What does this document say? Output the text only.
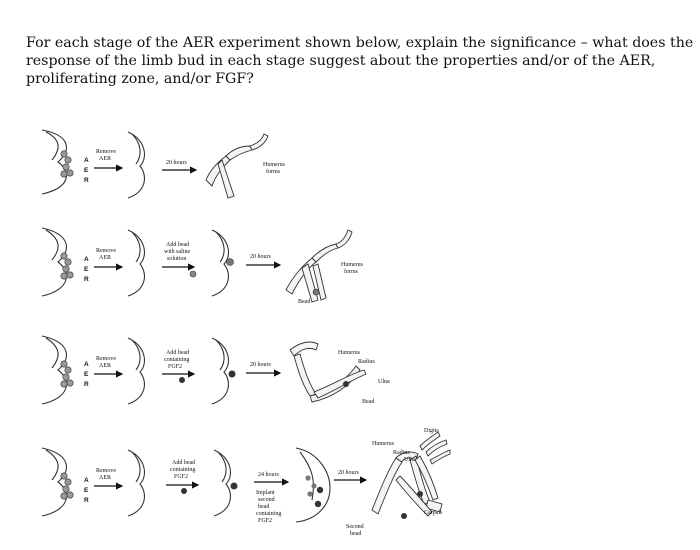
For each stage of the AER experiment shown below, explain the significance – what does the
response of the limb bud in each stage suggest about the properties and/or of the AER,
proliferating zone, and/or FGF?
A
E
R
Remove
AER
20 hours	Humerus
forms
A
E
R
Remove
AER
Add bead
with saline
solution	20 hours
Bead
Humerus
forms
A
E
R
Remove
AER
Add bead
containing
FGF2	20 hours
Humerus
Radius
Ulna
Bead
A
E
R
Remove
AER
Add bead
containing
FGF2	24 hours
Implant
second
bead
containing
FGF2
20 hours
Digits
Humerus
Radius
Ulna
Carpals
Second
bead
